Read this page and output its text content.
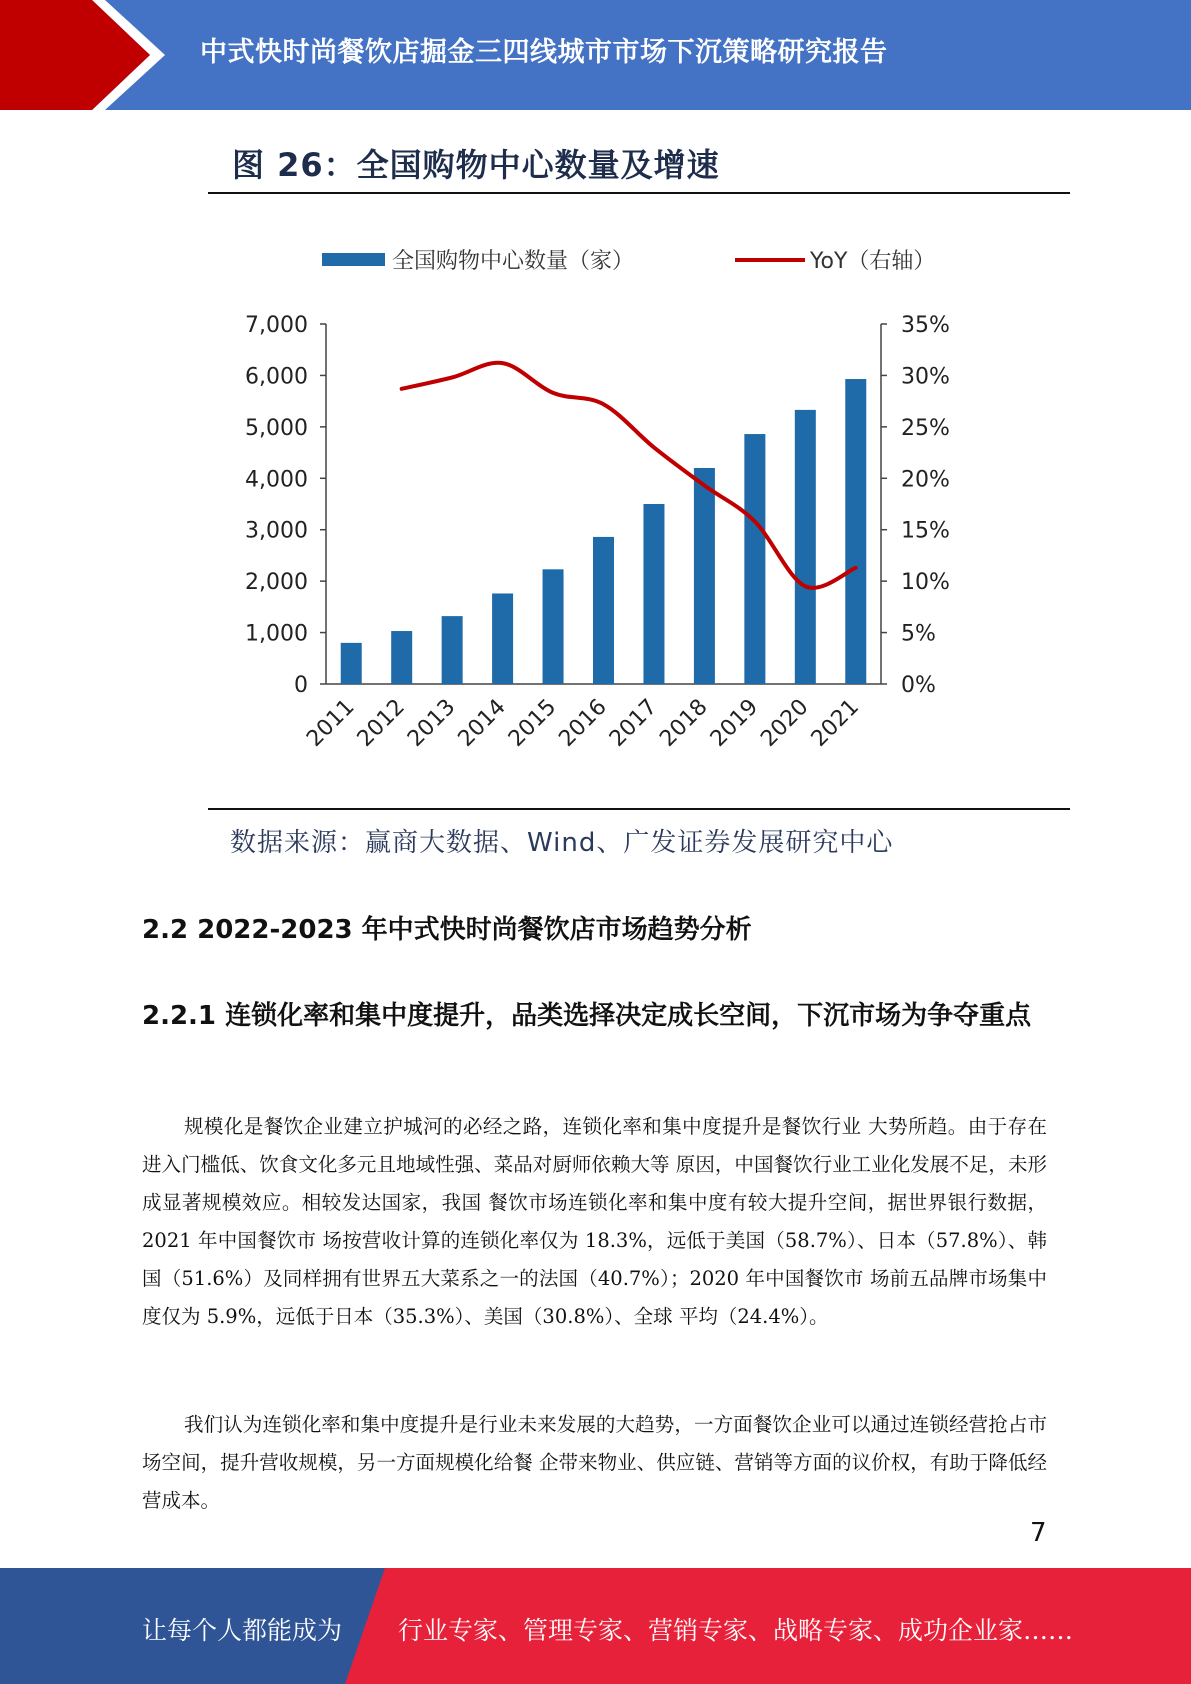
中式快时尚餐饮店掘金三四线城市市场下沉策略研究报告
图 26：全国购物中心数量及增速
全国购物中心数量（家）	YoY（右轴）
7,000
6,000
5,000
4,000
3,000
2,000
1,000
0
35%
30%
25%
20%
15%
10%
5%
0%
2011
2012
2013
2014
2015
2016
2017
2018
2019
2020
2021
数据来源：赢商大数据、Wind、广发证券发展研究中心
2.2 2022-2023 年中式快时尚餐饮店市场趋势分析
2.2.1 连锁化率和集中度提升，品类选择决定成长空间，下沉市场为争夺重点
规模化是餐饮企业建立护城河的必经之路，连锁化率和集中度提升是餐饮行业 大势所趋。由于存在进入门槛低、饮食文化多元且地域性强、菜品对厨师依赖大等 原因，中国餐饮行业工业化发展不足，未形成显著规模效应。相较发达国家，我国 餐饮市场连锁化率和集中度有较大提升空间，据世界银行数据，2021 年中国餐饮市 场按营收计算的连锁化率仅为 18.3%，远低于美国（58.7%）、日本（57.8%）、韩 国（51.6%）及同样拥有世界五大菜系之一的法国（40.7%）；2020 年中国餐饮市 场前五品牌市场集中度仅为 5.9%，远低于日本（35.3%）、美国（30.8%）、全球 平均（24.4%）。
我们认为连锁化率和集中度提升是行业未来发展的大趋势，一方面餐饮企业可以通过连锁经营抢占市场空间，提升营收规模，另一方面规模化给餐 企带来物业、供应链、营销等方面的议价权，有助于降低经营成本。
7
让每个人都能成为 行业专家、管理专家、营销专家、战略专家、成功企业家……
